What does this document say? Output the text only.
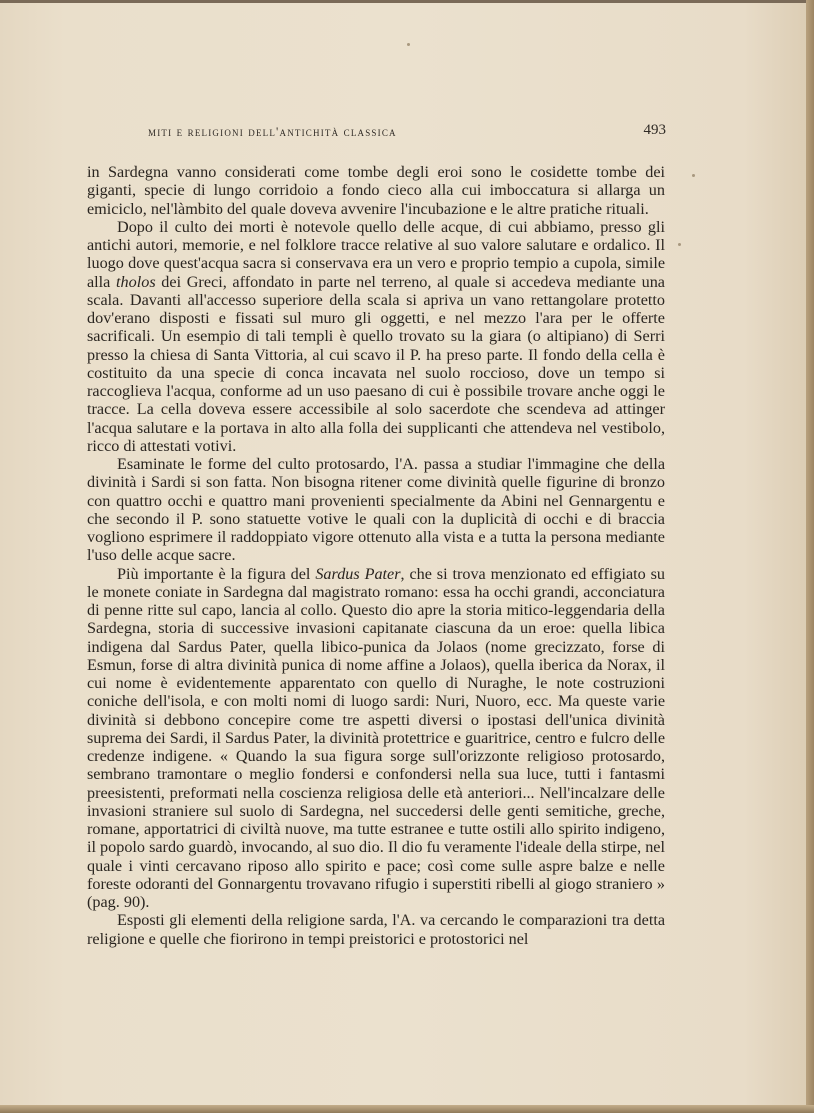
miti e religioni dell'antichità classica	493

in Sardegna vanno considerati come tombe degli eroi sono le cosidette tombe dei giganti, specie di lungo corridoio a fondo cieco alla cui imboccatura si allarga un emiciclo, nel'làmbito del quale doveva avvenire l'incubazione e le altre pratiche rituali.

Dopo il culto dei morti è notevole quello delle acque, di cui abbiamo, presso gli antichi autori, memorie, e nel folklore tracce relative al suo valore salutare e ordalico. Il luogo dove quest'acqua sacra si conservava era un vero e proprio tempio a cupola, simile alla tholos dei Greci, affondato in parte nel terreno, al quale si accedeva mediante una scala. Davanti all'accesso superiore della scala si apriva un vano rettangolare protetto dov'erano disposti e fissati sul muro gli oggetti, e nel mezzo l'ara per le offerte sacrificali. Un esempio di tali templi è quello trovato su la giara (o altipiano) di Serri presso la chiesa di Santa Vittoria, al cui scavo il P. ha preso parte. Il fondo della cella è costituito da una specie di conca incavata nel suolo roccioso, dove un tempo si raccoglieva l'acqua, conforme ad un uso paesano di cui è possibile trovare anche oggi le tracce. La cella doveva essere accessibile al solo sacerdote che scendeva ad attinger l'acqua salutare e la portava in alto alla folla dei supplicanti che attendeva nel vestibolo, ricco di attestati votivi.

Esaminate le forme del culto protosardo, l'A. passa a studiar l'immagine che della divinità i Sardi si son fatta. Non bisogna ritener come divinità quelle figurine di bronzo con quattro occhi e quattro mani provenienti specialmente da Abini nel Gennargentu e che secondo il P. sono statuette votive le quali con la duplicità di occhi e di braccia vogliono esprimere il raddoppiato vigore ottenuto alla vista e a tutta la persona mediante l'uso delle acque sacre.

Più importante è la figura del Sardus Pater, che si trova menzionato ed effigiato su le monete coniate in Sardegna dal magistrato romano: essa ha occhi grandi, acconciatura di penne ritte sul capo, lancia al collo. Questo dio apre la storia mitico-leggendaria della Sardegna, storia di successive invasioni capitanate ciascuna da un eroe: quella libica indigena dal Sardus Pater, quella libico-punica da Jolaos (nome grecizzato, forse di Esmun, forse di altra divinità punica di nome affine a Jolaos), quella iberica da Norax, il cui nome è evidentemente apparentato con quello di Nuraghe, le note costruzioni coniche dell'isola, e con molti nomi di luogo sardi: Nuri, Nuoro, ecc. Ma queste varie divinità si debbono concepire come tre aspetti diversi o ipostasi dell'unica divinità suprema dei Sardi, il Sardus Pater, la divinità protettrice e guaritrice, centro e fulcro delle credenze indigene. « Quando la sua figura sorge sull'orizzonte religioso protosardo, sembrano tramontare o meglio fondersi e confondersi nella sua luce, tutti i fantasmi preesistenti, preformati nella coscienza religiosa delle età anteriori... Nell'incalzare delle invasioni straniere sul suolo di Sardegna, nel succedersi delle genti semitiche, greche, romane, apportatrici di civiltà nuove, ma tutte estranee e tutte ostili allo spirito indigeno, il popolo sardo guardò, invocando, al suo dio. Il dio fu veramente l'ideale della stirpe, nel quale i vinti cercavano riposo allo spirito e pace; così come sulle aspre balze e nelle foreste odoranti del Gonnargentu trovavano rifugio i superstiti ribelli al giogo straniero » (pag. 90).

Esposti gli elementi della religione sarda, l'A. va cercando le comparazioni tra detta religione e quelle che fiorirono in tempi preistorici e protostorici nel
